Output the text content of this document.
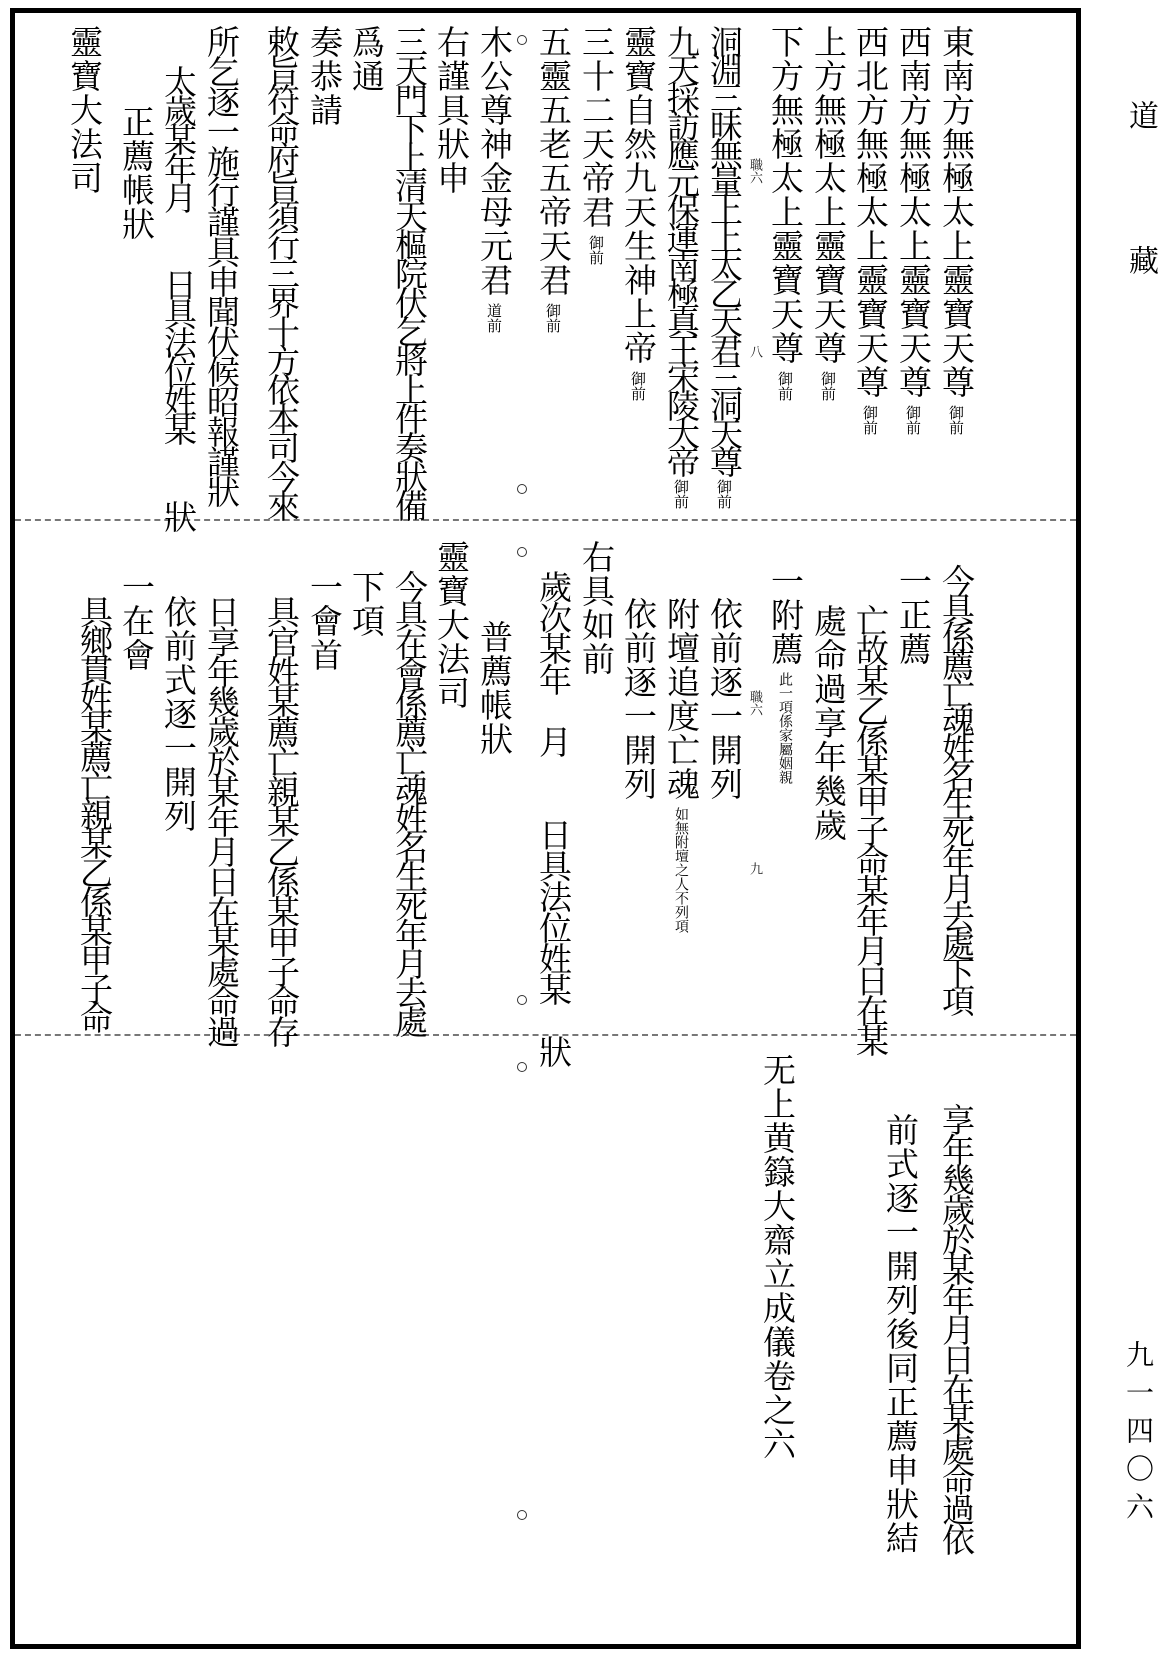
道
藏
九一四〇六
職六
八
職六
九
東南方無極太上靈寶天尊御前
西南方無極太上靈寶天尊御前
西北方無極太上靈寶天尊御前
上方無極太上靈寶天尊御前
下方無極太上靈寶天尊御前
洞淵三昧無量上上太乙天君三洞天尊御前
九天採訪應元保運南極真王宋陵大帝御前
靈寶自然九天生神上帝御前
三十二天帝君御前
五靈五老五帝天君御前
木公尊神金母元君道前
右謹具狀申
三天門下上清天樞院伏乞將上件奏狀備
爲通
奏恭請
敕旨符命府旨須行三界十方依本司今來
所乞逐一施行謹具申聞伏候昭報謹狀
太歲某年月　　日具法位姓某　　狀
正薦帳狀
靈寶大法司
今具係薦亡魂姓名生死年月去處下項
一正薦
亡故某乙係某甲子命某年月日在某
處命過享年幾歲
一附薦此一項係家屬姻親
依前逐一開列
附壇追度亡魂如無附壇之人不列項
依前逐一開列
右具如前
歲次某年　月　　日具法位姓某　狀
普薦帳狀
靈寶大法司
今具在會係薦亡魂姓名生死年月去處
下項
一會首
具官姓某薦亡親某乙係某甲子命存
日享年幾歲於某年月日在某處命過
依前式逐一開列
一在會
具鄉貫姓某薦亡親某乙係某甲子命
享年幾歲於某年月日在某處命過依
前式逐一開列後同正薦申狀結
无上黄籙大齋立成儀卷之六
